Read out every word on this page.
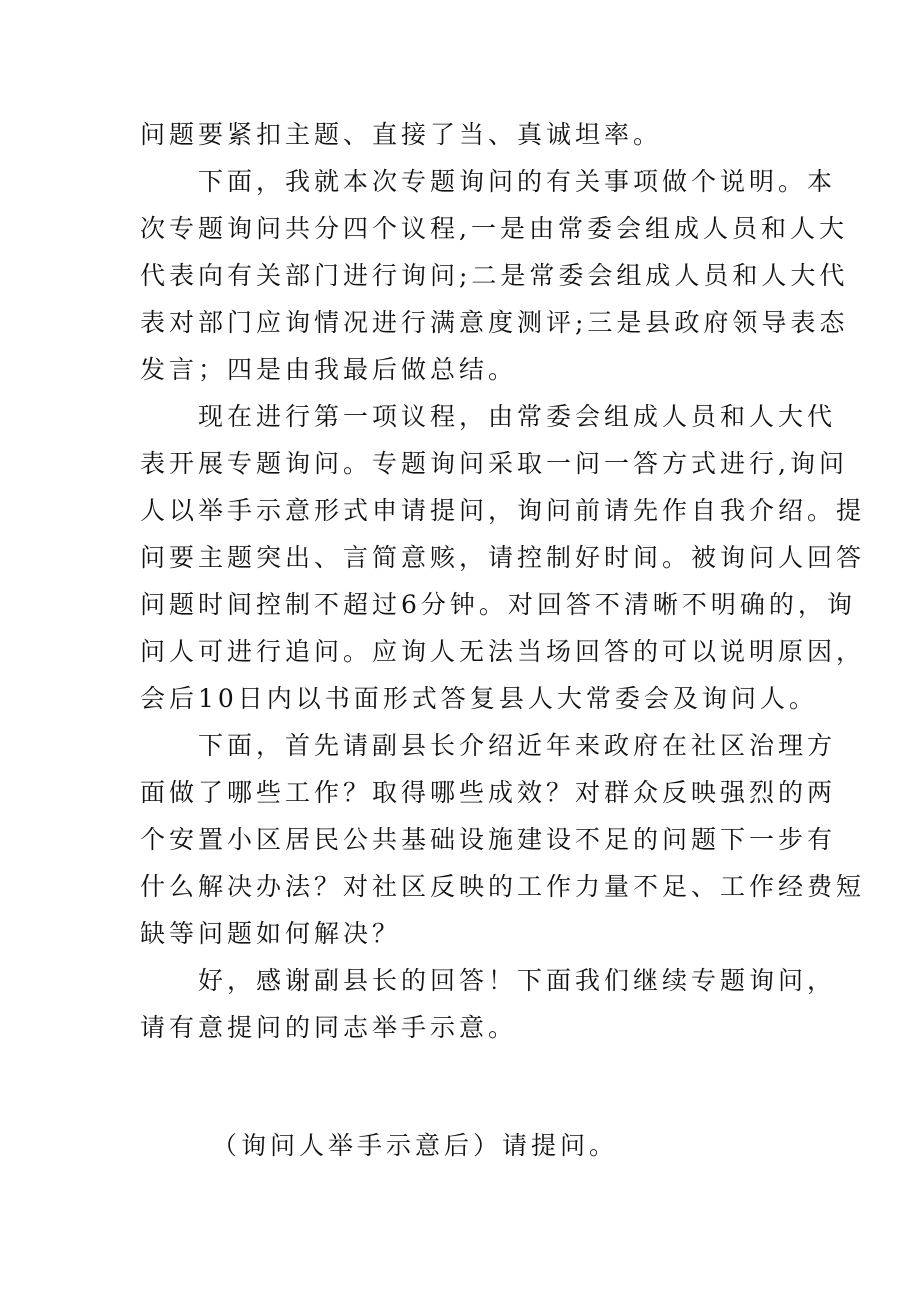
问题要紧扣主题、直接了当、真诚坦率。
下面，我就本次专题询问的有关事项做个说明。本
次专题询问共分四个议程,一是由常委会组成人员和人大
代表向有关部门进行询问;二是常委会组成人员和人大代
表对部门应询情况进行满意度测评;三是县政府领导表态
发言；四是由我最后做总结。
现在进行第一项议程，由常委会组成人员和人大代
表开展专题询问。专题询问采取一问一答方式进行,询问
人以举手示意形式申请提问，询问前请先作自我介绍。提
问要主题突出、言简意赅，请控制好时间。被询问人回答
问题时间控制不超过6分钟。对回答不清晰不明确的，询
问人可进行追问。应询人无法当场回答的可以说明原因，
会后10日内以书面形式答复县人大常委会及询问人。
下面，首先请副县长介绍近年来政府在社区治理方
面做了哪些工作？取得哪些成效？对群众反映强烈的两
个安置小区居民公共基础设施建设不足的问题下一步有
什么解决办法？对社区反映的工作力量不足、工作经费短
缺等问题如何解决？
好，感谢副县长的回答！下面我们继续专题询问，
请有意提问的同志举手示意。
（询问人举手示意后）请提问。
